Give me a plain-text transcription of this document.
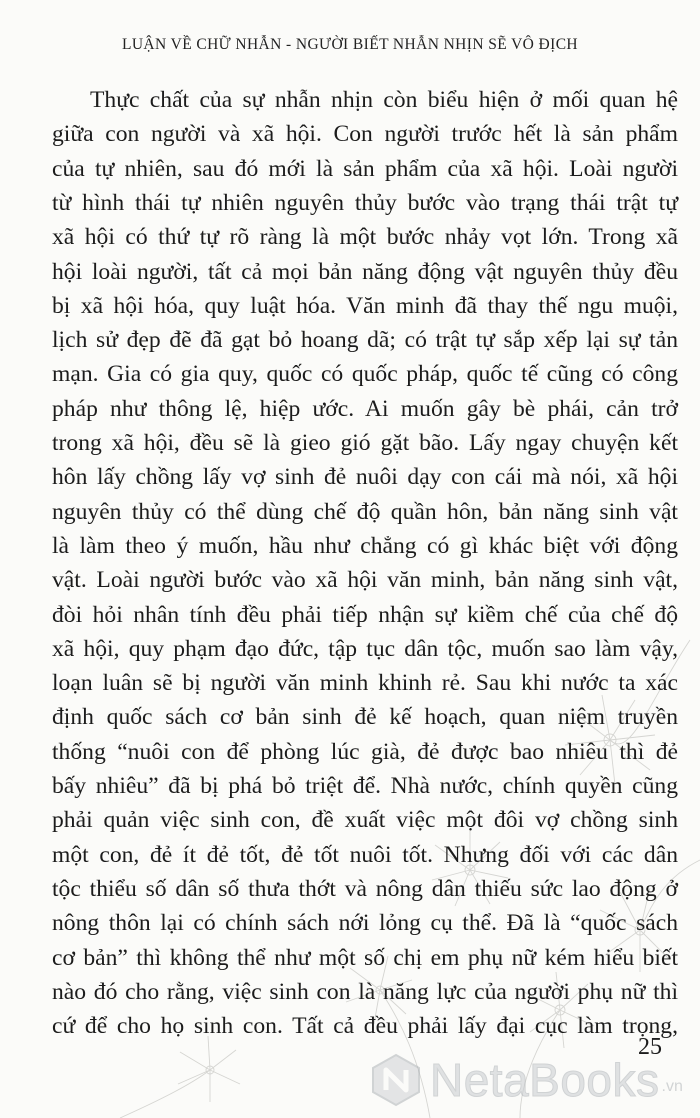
LUẬN VỀ CHỮ NHẪN - NGƯỜI BIẾT NHẪN NHỊN SẼ VÔ ĐỊCH
Thực chất của sự nhẫn nhịn còn biểu hiện ở mối quan hệ
giữa con người và xã hội. Con người trước hết là sản phẩm
của tự nhiên, sau đó mới là sản phẩm của xã hội. Loài người
từ hình thái tự nhiên nguyên thủy bước vào trạng thái trật tự
xã hội có thứ tự rõ ràng là một bước nhảy vọt lớn. Trong xã
hội loài người, tất cả mọi bản năng động vật nguyên thủy đều
bị xã hội hóa, quy luật hóa. Văn minh đã thay thế ngu muội,
lịch sử đẹp đẽ đã gạt bỏ hoang dã; có trật tự sắp xếp lại sự tản
mạn. Gia có gia quy, quốc có quốc pháp, quốc tế cũng có công
pháp như thông lệ, hiệp ước. Ai muốn gây bè phái, cản trở
trong xã hội, đều sẽ là gieo gió gặt bão. Lấy ngay chuyện kết
hôn lấy chồng lấy vợ sinh đẻ nuôi dạy con cái mà nói, xã hội
nguyên thủy có thể dùng chế độ quần hôn, bản năng sinh vật
là làm theo ý muốn, hầu như chẳng có gì khác biệt với động
vật. Loài người bước vào xã hội văn minh, bản năng sinh vật,
đòi hỏi nhân tính đều phải tiếp nhận sự kiềm chế của chế độ
xã hội, quy phạm đạo đức, tập tục dân tộc, muốn sao làm vậy,
loạn luân sẽ bị người văn minh khinh rẻ. Sau khi nước ta xác
định quốc sách cơ bản sinh đẻ kế hoạch, quan niệm truyền
thống “nuôi con để phòng lúc già, đẻ được bao nhiêu thì đẻ
bấy nhiêu” đã bị phá bỏ triệt để. Nhà nước, chính quyền cũng
phải quản việc sinh con, đề xuất việc một đôi vợ chồng sinh
một con, đẻ ít đẻ tốt, đẻ tốt nuôi tốt. Nhưng đối với các dân
tộc thiểu số dân số thưa thớt và nông dân thiếu sức lao động ở
nông thôn lại có chính sách nới lỏng cụ thể. Đã là “quốc sách
cơ bản” thì không thể như một số chị em phụ nữ kém hiểu biết
nào đó cho rằng, việc sinh con là năng lực của người phụ nữ thì
cứ để cho họ sinh con. Tất cả đều phải lấy đại cục làm trọng,
25
NetaBooks .vn
